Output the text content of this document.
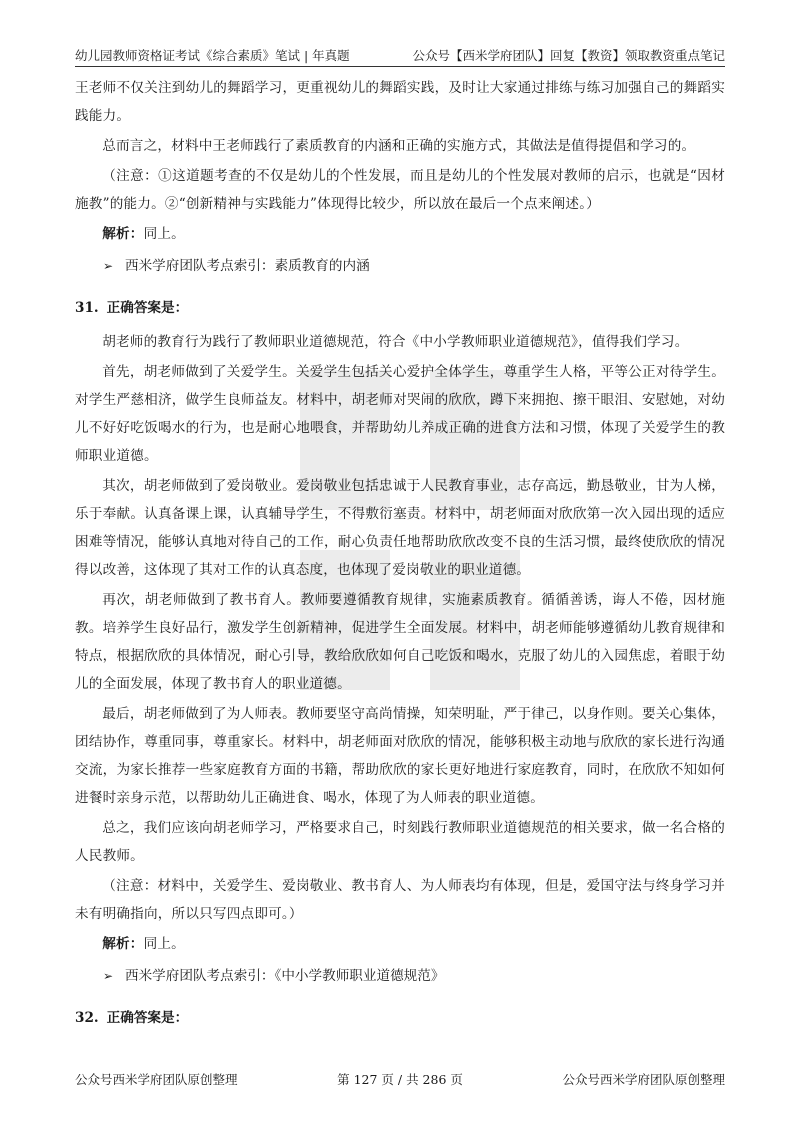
幼儿园教师资格证考试《综合素质》笔试 | 年真题	公众号【西米学府团队】回复【教资】领取教资重点笔记

王老师不仅关注到幼儿的舞蹈学习，更重视幼儿的舞蹈实践，及时让大家通过排练与练习加强自己的舞蹈实践能力。

总而言之，材料中王老师践行了素质教育的内涵和正确的实施方式，其做法是值得提倡和学习的。

（注意：①这道题考查的不仅是幼儿的个性发展，而且是幼儿的个性发展对教师的启示，也就是“因材施教”的能力。②“创新精神与实践能力”体现得比较少，所以放在最后一个点来阐述。）

解析：同上。

➢ 西米学府团队考点索引：素质教育的内涵
31. 正确答案是：

胡老师的教育行为践行了教师职业道德规范，符合《中小学教师职业道德规范》，值得我们学习。

首先，胡老师做到了关爱学生。关爱学生包括关心爱护全体学生，尊重学生人格，平等公正对待学生。对学生严慈相济，做学生良师益友。材料中，胡老师对哭闹的欣欣，蹲下来拥抱、擦干眼泪、安慰她，对幼儿不好好吃饭喝水的行为，也是耐心地喂食，并帮助幼儿养成正确的进食方法和习惯，体现了关爱学生的教师职业道德。

其次，胡老师做到了爱岗敬业。爱岗敬业包括忠诚于人民教育事业，志存高远，勤恳敬业，甘为人梯，乐于奉献。认真备课上课，认真辅导学生，不得敷衍塞责。材料中，胡老师面对欣欣第一次入园出现的适应困难等情况，能够认真地对待自己的工作，耐心负责任地帮助欣欣改变不良的生活习惯，最终使欣欣的情况得以改善，这体现了其对工作的认真态度，也体现了爱岗敬业的职业道德。

再次，胡老师做到了教书育人。教师要遵循教育规律，实施素质教育。循循善诱，诲人不倦，因材施教。培养学生良好品行，激发学生创新精神，促进学生全面发展。材料中，胡老师能够遵循幼儿教育规律和特点，根据欣欣的具体情况，耐心引导，教给欣欣如何自己吃饭和喝水，克服了幼儿的入园焦虑，着眼于幼儿的全面发展，体现了教书育人的职业道德。

最后，胡老师做到了为人师表。教师要坚守高尚情操，知荣明耻，严于律己，以身作则。要关心集体，团结协作，尊重同事，尊重家长。材料中，胡老师面对欣欣的情况，能够积极主动地与欣欣的家长进行沟通交流，为家长推荐一些家庭教育方面的书籍，帮助欣欣的家长更好地进行家庭教育，同时，在欣欣不知如何进餐时亲身示范，以帮助幼儿正确进食、喝水，体现了为人师表的职业道德。

总之，我们应该向胡老师学习，严格要求自己，时刻践行教师职业道德规范的相关要求，做一名合格的人民教师。

（注意：材料中，关爱学生、爱岗敬业、教书育人、为人师表均有体现，但是，爱国守法与终身学习并未有明确指向，所以只写四点即可。）

解析：同上。

➢ 西米学府团队考点索引：《中小学教师职业道德规范》
32. 正确答案是：
公众号西米学府团队原创整理	第 127 页 / 共 286 页	公众号西米学府团队原创整理
